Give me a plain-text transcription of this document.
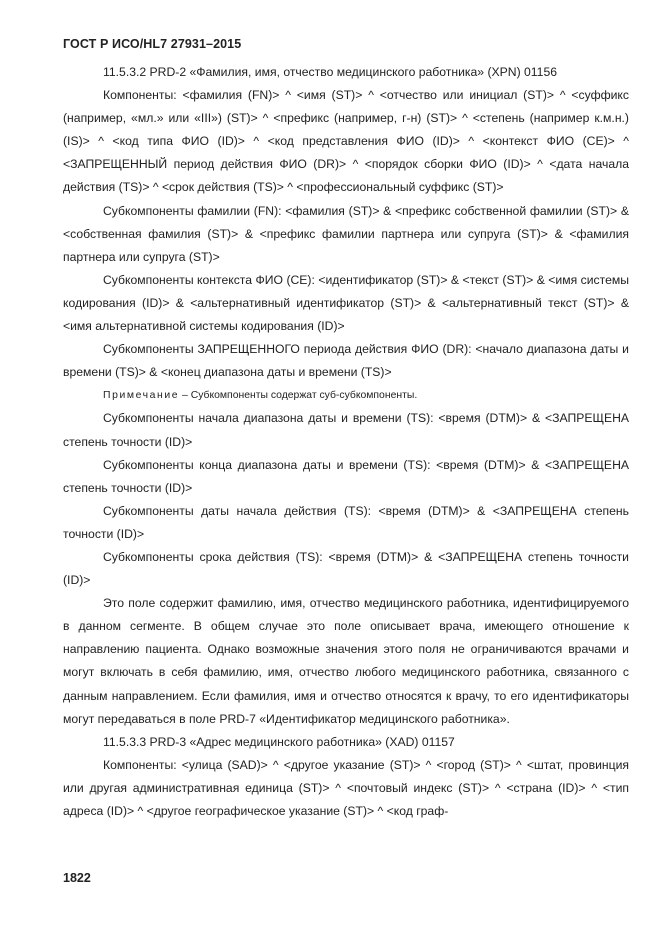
ГОСТ Р ИСО/HL7 27931–2015

11.5.3.2 PRD-2 «Фамилия, имя, отчество медицинского работника» (XPN) 01156

Компоненты: <фамилия (FN)> ^ <имя (ST)> ^ <отчество или инициал (ST)> ^ <суффикс (например, «мл.» или «III») (ST)> ^ <префикс (например, г-н) (ST)> ^ <степень (например к.м.н.) (IS)> ^ <код типа ФИО (ID)> ^ <код представления ФИО (ID)> ^ <контекст ФИО (CE)> ^ <ЗАПРЕЩЕННЫЙ период действия ФИО (DR)> ^ <порядок сборки ФИО (ID)> ^ <дата начала действия (TS)> ^ <срок действия (TS)> ^ <профессиональный суффикс (ST)>

Субкомпоненты фамилии (FN): <фамилия (ST)> & <префикс собственной фамилии (ST)> & <собственная фамилия (ST)> & <префикс фамилии партнера или супруга (ST)> & <фамилия партнера или супруга (ST)>

Субкомпоненты контекста ФИО (CE): <идентификатор (ST)> & <текст (ST)> & <имя системы кодирования (ID)> & <альтернативный идентификатор (ST)> & <альтернативный текст (ST)> & <имя альтернативной системы кодирования (ID)>

Субкомпоненты ЗАПРЕЩЕННОГО периода действия ФИО (DR): <начало диапазона даты и времени (TS)> & <конец диапазона даты и времени (TS)>

Примечание – Субкомпоненты содержат суб-субкомпоненты.

Субкомпоненты начала диапазона даты и времени (TS): <время (DTM)> & <ЗАПРЕЩЕНА степень точности (ID)>

Субкомпоненты конца диапазона даты и времени (TS): <время (DTM)> & <ЗАПРЕЩЕНА степень точности (ID)>

Субкомпоненты даты начала действия (TS): <время (DTM)> & <ЗАПРЕЩЕНА степень точности (ID)>

Субкомпоненты срока действия (TS): <время (DTM)> & <ЗАПРЕЩЕНА степень точности (ID)>

Это поле содержит фамилию, имя, отчество медицинского работника, идентифицируемого в данном сегменте. В общем случае это поле описывает врача, имеющего отношение к направлению пациента. Однако возможные значения этого поля не ограничиваются врачами и могут включать в себя фамилию, имя, отчество любого медицинского работника, связанного с данным направлением. Если фамилия, имя и отчество относятся к врачу, то его идентификаторы могут передаваться в поле PRD-7 «Идентификатор медицинского работника».

11.5.3.3 PRD-3 «Адрес медицинского работника» (XAD) 01157

Компоненты: <улица (SAD)> ^ <другое указание (ST)> ^ <город (ST)> ^ <штат, провинция или другая административная единица (ST)> ^ <почтовый индекс (ST)> ^ <страна (ID)> ^ <тип адреса (ID)> ^ <другое географическое указание (ST)> ^ <код граф-

1822
